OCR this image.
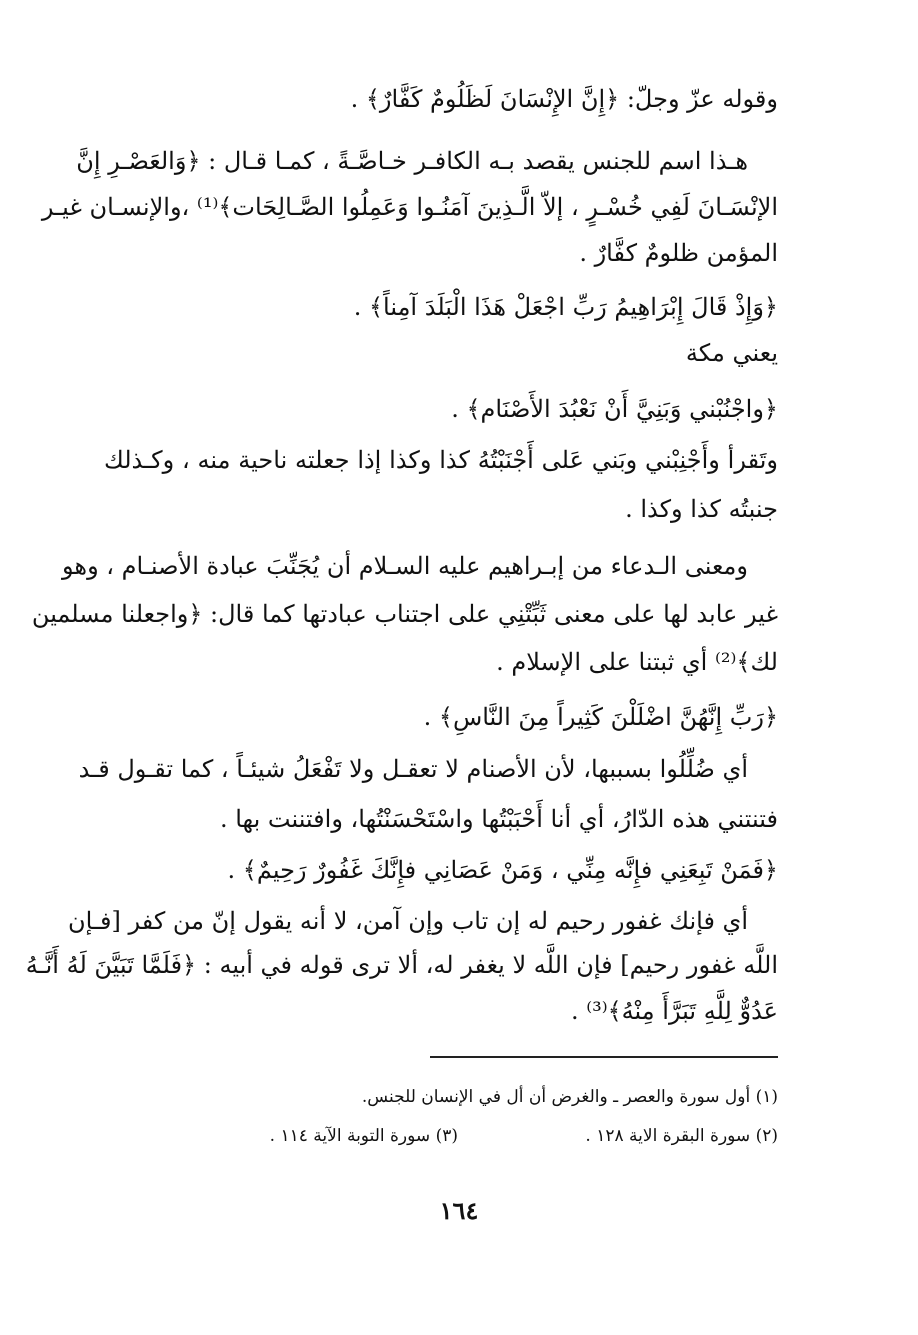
وقوله عزّ وجلّ: ﴿إِنَّ الإِنْسَانَ لَظَلُومٌ كَفَّارٌ﴾ .
هـذا اسم للجنس يقصد بـه الكافـر خـاصَّـةً ، كمـا قـال : ﴿وَالعَصْـرِ إِنَّ
الإنْسَـانَ لَفِي خُسْـرٍ ، إلاّ الَّـذِينَ آمَنُـوا وَعَمِلُوا الصَّـالِحَات﴾⁽¹⁾ ،والإنسـان غيـر
المؤمن ظلومٌ كفَّارٌ .
﴿وَإِذْ قَالَ إِبْرَاهِيمُ رَبِّ اجْعَلْ هَذَا الْبَلَدَ آمِناً﴾ .
يعني مكة
﴿واجْنُبْني وَبَنِيَّ أَنْ نَعْبُدَ الأَصْنَام﴾ .
وتَقرأ وأَجْنِبْني وبَني عَلى أَجْنَبْتُهُ كذا وكذا إذا جعلته ناحية منه ، وكـذلك
جنبتُه كذا وكذا .
ومعنى الـدعاء من إبـراهيم عليه السـلام أن يُجَنِّبَ عبادة الأصنـام ، وهو
غير عابد لها على معنى ثَبِّتْنِي على اجتناب عبادتها كما قال: ﴿واجعلنا مسلمين
لك﴾⁽²⁾ أي ثبتنا على الإسلام .
﴿رَبِّ إِنَّهُنَّ اضْلَلْنَ كَثِيراً مِنَ النَّاسِ﴾ .
أي ضُلِّلُوا بسببها، لأن الأصنام لا تعقـل ولا تَفْعَلُ شيئـاً ، كما تقـول قـد
فتنتني هذه الدّارُ، أي أنا أَحْبَبْتُها واسْتَحْسَنْتُها، وافتننت بها .
﴿فَمَنْ تَبِعَنِي فإِنَّه مِنِّي ، وَمَنْ عَصَانِي فإِنَّكَ غَفُورٌ رَحِيمٌ﴾ .
أي فإنك غفور رحيم له إن تاب وإن آمن، لا أنه يقول إنّ من كفر [فـإن
اللَّه غفور رحيم] فإن اللَّه لا يغفر له، ألا ترى قوله في أبيه : ﴿فَلَمَّا تَبَيَّنَ لَهُ أَنَّـهُ
عَدُوٌّ لِلَّهِ تَبَرَّأَ مِنْهُ﴾⁽³⁾ .
(١) أول سورة والعصر ـ والغرض أن أل في الإنسان للجنس.
(٢) سورة البقرة الاية ١٢٨ .
(٣) سورة التوبة الآية ١١٤ .
١٦٤
